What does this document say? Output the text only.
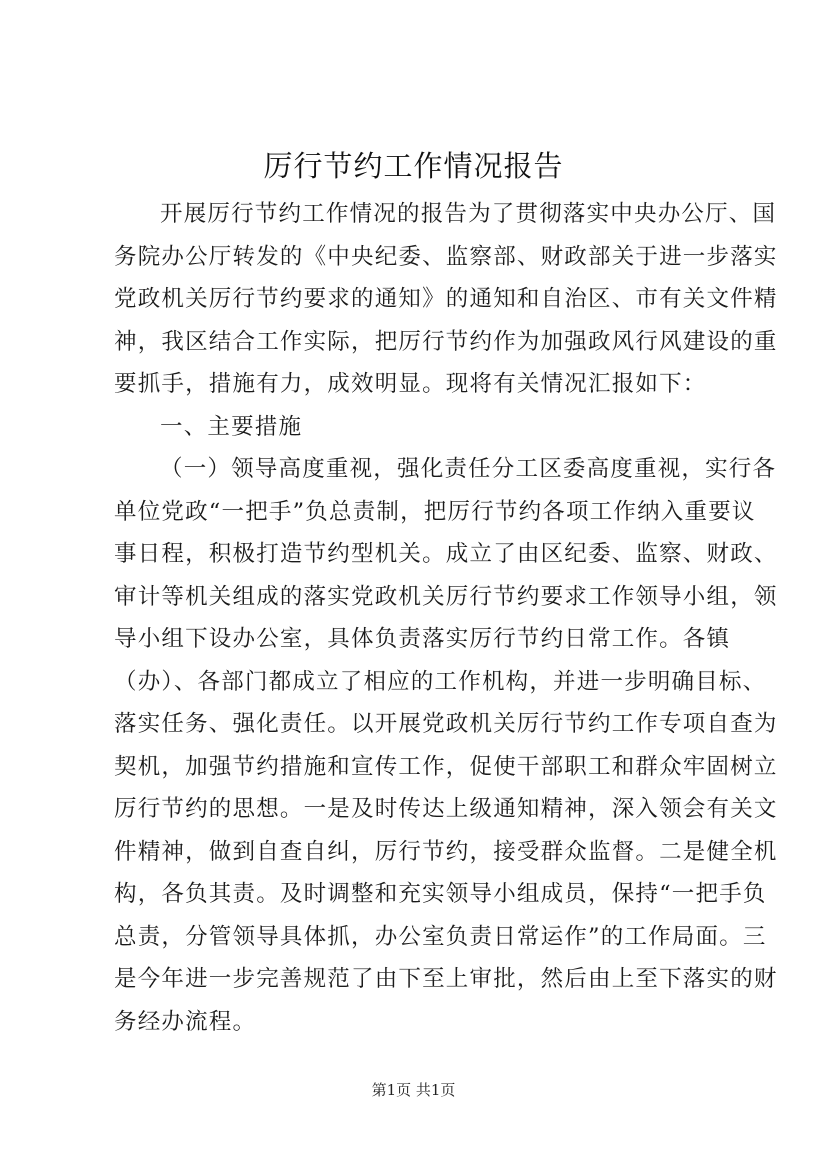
厉行节约工作情况报告
开展厉行节约工作情况的报告为了贯彻落实中央办公厅、国
务院办公厅转发的《中央纪委、监察部、财政部关于进一步落实
党政机关厉行节约要求的通知》的通知和自治区、市有关文件精
神，我区结合工作实际，把厉行节约作为加强政风行风建设的重
要抓手，措施有力，成效明显。现将有关情况汇报如下：
一、主要措施
（一）领导高度重视，强化责任分工区委高度重视，实行各
单位党政“一把手”负总责制，把厉行节约各项工作纳入重要议
事日程，积极打造节约型机关。成立了由区纪委、监察、财政、
审计等机关组成的落实党政机关厉行节约要求工作领导小组，领
导小组下设办公室，具体负责落实厉行节约日常工作。各镇
（办）、各部门都成立了相应的工作机构，并进一步明确目标、
落实任务、强化责任。以开展党政机关厉行节约工作专项自查为
契机，加强节约措施和宣传工作，促使干部职工和群众牢固树立
厉行节约的思想。一是及时传达上级通知精神，深入领会有关文
件精神，做到自查自纠，厉行节约，接受群众监督。二是健全机
构，各负其责。及时调整和充实领导小组成员，保持“一把手负
总责，分管领导具体抓，办公室负责日常运作”的工作局面。三
是今年进一步完善规范了由下至上审批，然后由上至下落实的财
务经办流程。
第1页 共1页
